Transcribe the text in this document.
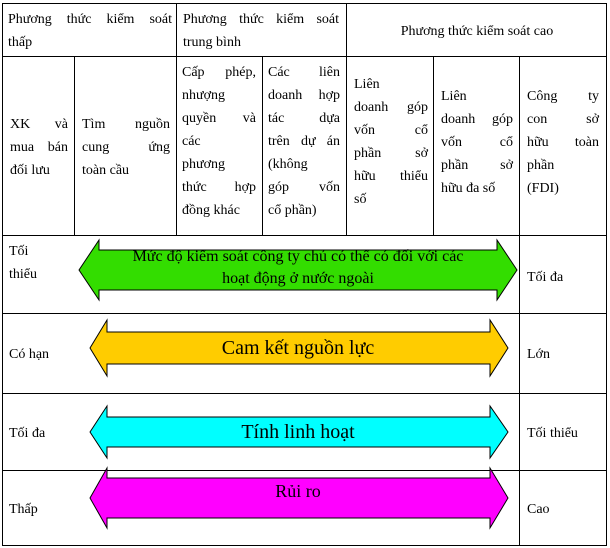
Phương thức kiểm soát
thấp
Phương thức kiểm soát
trung bình
Phương thức kiểm soát cao
XK và
mua bán
đối lưu
Tìm nguồn
cung ứng
toàn cầu
Cấp phép,
nhượng
quyền và
các
phương
thức hợp
đồng khác
Các liên
doanh hợp
tác dựa
trên dự án
(không
góp vốn
cổ phần)
Liên
doanh góp
vốn cổ
phần sở
hữu thiểu
số
Liên
doanh góp
vốn cổ
phần sở
hữu đa số
Công ty
con sở
hữu toàn
phần
(FDI)
Tối
thiểu
Có hạn
Tối đa
Thấp
Tối đa
Lớn
Tối thiểu
Cao
Mức độ kiểm soát công ty chủ có thể có đối với các
hoạt động ở nước ngoài
Cam kết nguồn lực
Tính linh hoạt
Rủi ro
